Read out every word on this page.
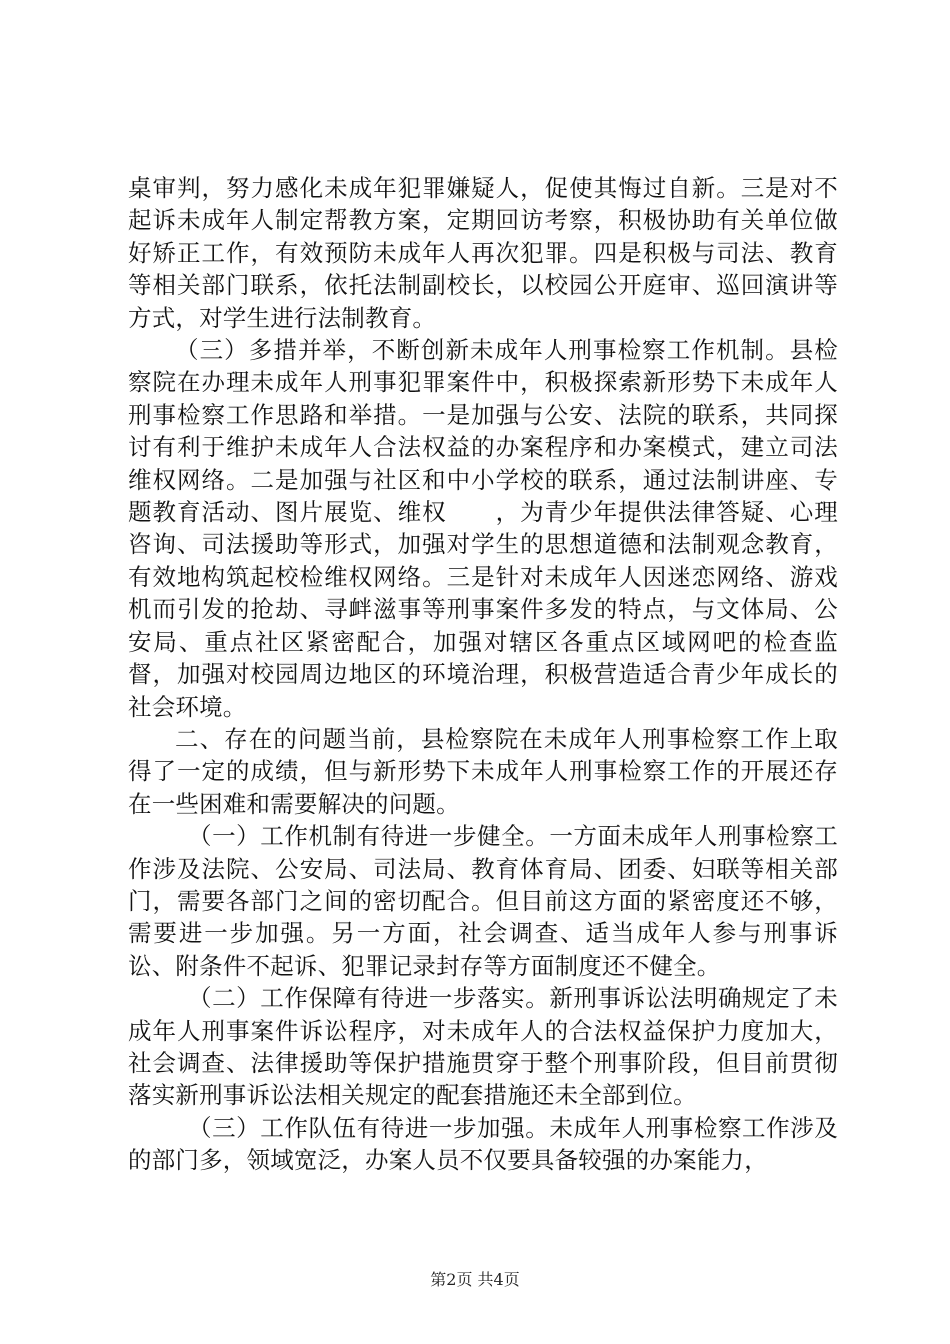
桌审判，努力感化未成年犯罪嫌疑人，促使其悔过自新。三是对不起诉未成年人制定帮教方案，定期回访考察，积极协助有关单位做好矫正工作，有效预防未成年人再次犯罪。四是积极与司法、教育等相关部门联系，依托法制副校长，以校园公开庭审、巡回演讲等方式，对学生进行法制教育。

（三）多措并举，不断创新未成年人刑事检察工作机制。县检察院在办理未成年人刑事犯罪案件中，积极探索新形势下未成年人刑事检察工作思路和举措。一是加强与公安、法院的联系，共同探讨有利于维护未成年人合法权益的办案程序和办案模式，建立司法维权网络。二是加强与社区和中小学校的联系，通过法制讲座、专题教育活动、图片展览、维权　　，为青少年提供法律答疑、心理咨询、司法援助等形式，加强对学生的思想道德和法制观念教育，有效地构筑起校检维权网络。三是针对未成年人因迷恋网络、游戏机而引发的抢劫、寻衅滋事等刑事案件多发的特点，与文体局、公安局、重点社区紧密配合，加强对辖区各重点区域网吧的检查监督，加强对校园周边地区的环境治理，积极营造适合青少年成长的社会环境。

二、存在的问题当前，县检察院在未成年人刑事检察工作上取得了一定的成绩，但与新形势下未成年人刑事检察工作的开展还存在一些困难和需要解决的问题。

（一）工作机制有待进一步健全。一方面未成年人刑事检察工作涉及法院、公安局、司法局、教育体育局、团委、妇联等相关部门，需要各部门之间的密切配合。但目前这方面的紧密度还不够，需要进一步加强。另一方面，社会调查、适当成年人参与刑事诉讼、附条件不起诉、犯罪记录封存等方面制度还不健全。

（二）工作保障有待进一步落实。新刑事诉讼法明确规定了未成年人刑事案件诉讼程序，对未成年人的合法权益保护力度加大，社会调查、法律援助等保护措施贯穿于整个刑事阶段，但目前贯彻落实新刑事诉讼法相关规定的配套措施还未全部到位。

（三）工作队伍有待进一步加强。未成年人刑事检察工作涉及的部门多，领域宽泛，办案人员不仅要具备较强的办案能力，

第2页 共4页
